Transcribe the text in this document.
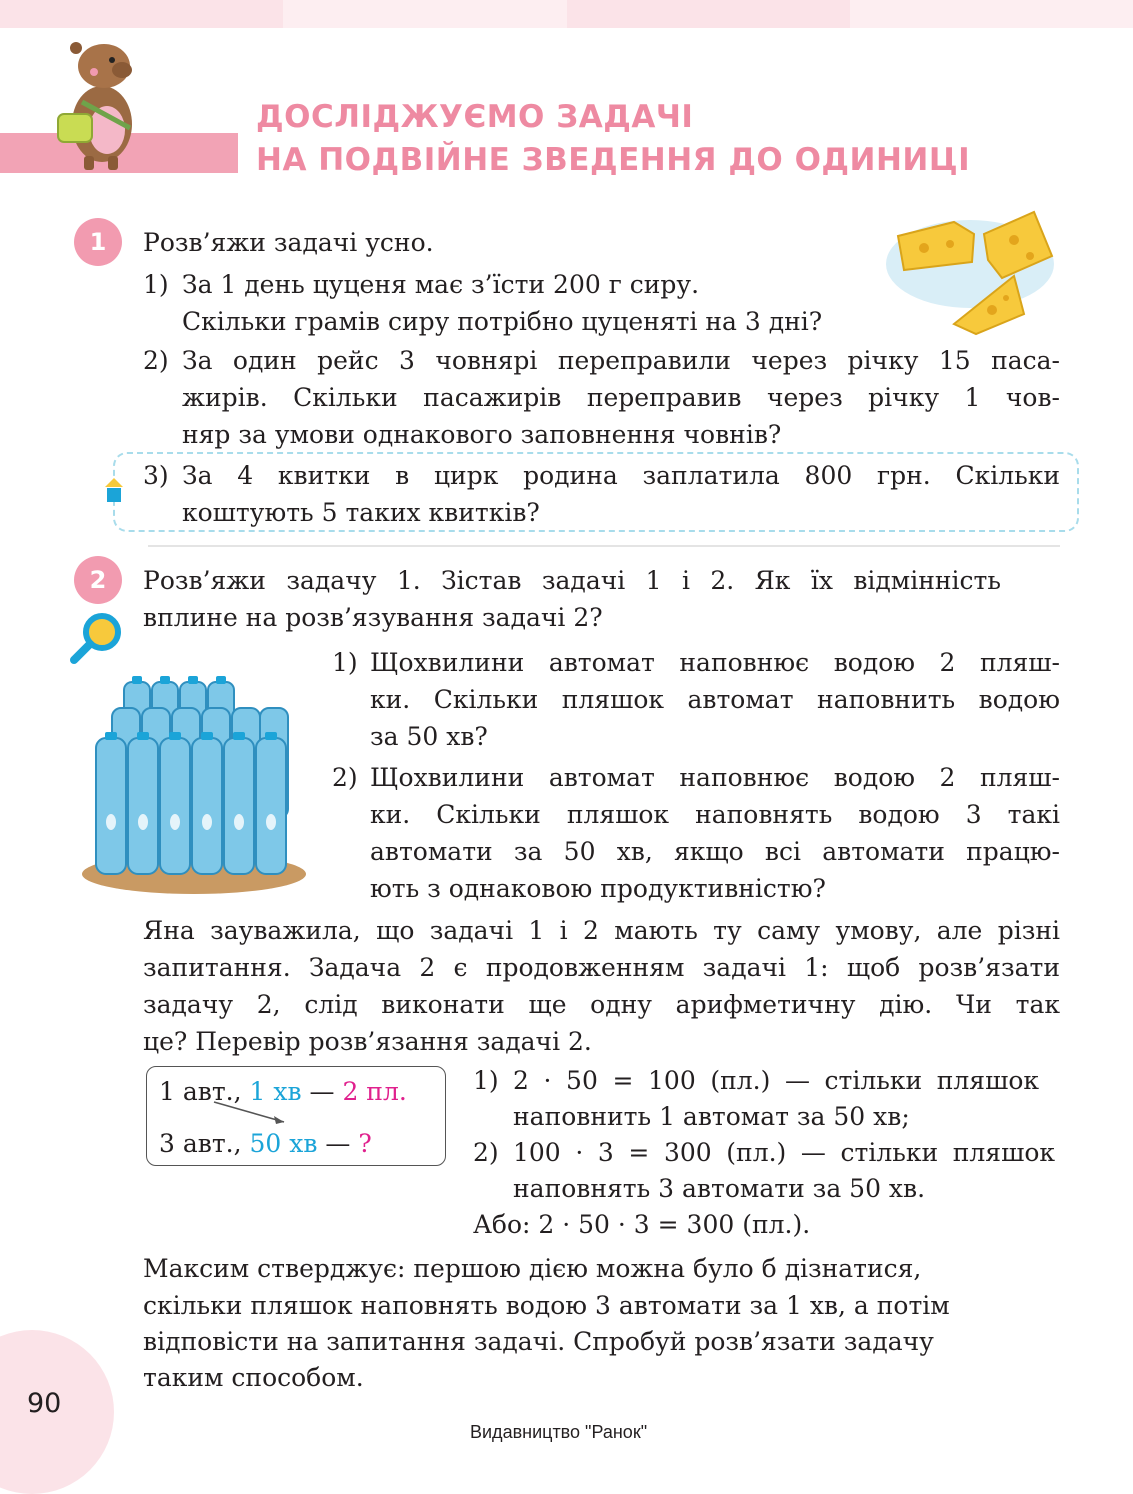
ДОСЛІДЖУЄМО ЗАДАЧІ
НА ПОДВІЙНЕ ЗВЕДЕННЯ ДО ОДИНИЦІ
1	Розв’яжи задачі усно.
1) За 1 день цуценя має з’їсти 200 г сиру.
Скільки грамів сиру потрібно цуценяті на 3 дні?
2) За один рейс 3 човнярі переправили через річку 15 паса-
жирів. Скільки пасажирів переправив через річку 1 чов-
няр за умови однакового заповнення човнів?
3) За 4 квитки в цирк родина заплатила 800 грн. Скільки
коштують 5 таких квитків?
2	Розв’яжи задачу 1. Зістав задачі 1 і 2. Як їх відмінність
вплине на розв’язування задачі 2?
1) Щохвилини автомат наповнює водою 2 пляш-
ки. Скільки пляшок автомат наповнить водою
за 50 хв?
2) Щохвилини автомат наповнює водою 2 пляш-
ки. Скільки пляшок наповнять водою 3 такі
автомати за 50 хв, якщо всі автомати працю-
ють з однаковою продуктивністю?
Яна зауважила, що задачі 1 і 2 мають ту саму умову, але різні
запитання. Задача 2 є продовженням задачі 1: щоб розв’язати
задачу 2, слід виконати ще одну арифметичну дію. Чи так
це? Перевір розв’язання задачі 2.
1 авт., 1 хв — 2 пл.
3 авт., 50 хв — ?
1) 2 · 50 = 100 (пл.) — стільки пляшок
наповнить 1 автомат за 50 хв;
2) 100 · 3 = 300 (пл.) — стільки пляшок
наповнять 3 автомати за 50 хв.
Або: 2 · 50 · 3 = 300 (пл.).
Максим стверджує: першою дією можна було б дізнатися,
скільки пляшок наповнять водою 3 автомати за 1 хв, а потім
відповісти на запитання задачі. Спробуй розв’язати задачу
таким способом.
90
Видавництво "Ранок"
